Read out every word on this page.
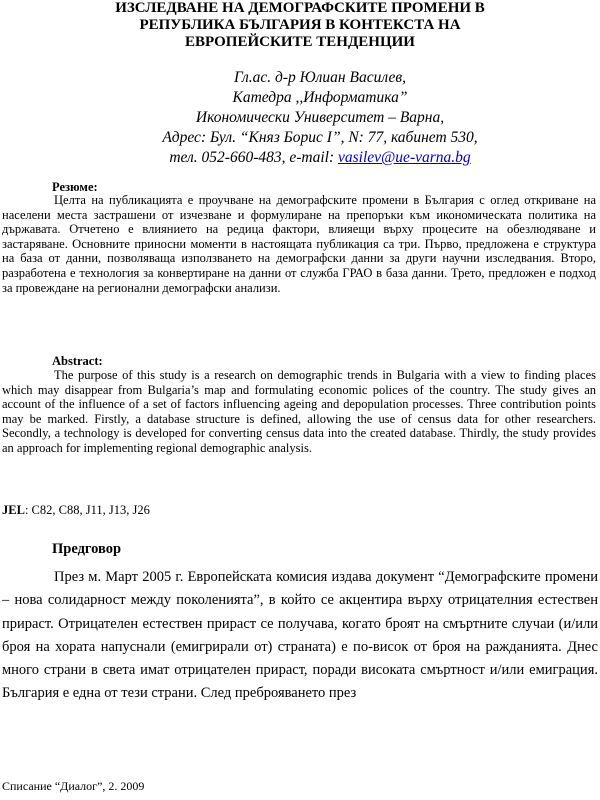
ИЗСЛЕДВАНЕ НА ДЕМОГРАФСКИТЕ ПРОМЕНИ В
РЕПУБЛИКА БЪЛГАРИЯ В КОНТЕКСТА НА
ЕВРОПЕЙСКИТЕ ТЕНДЕНЦИИ
Гл.ас. д-р Юлиан Василев,
Катедра ,,Информатика”
Икономически Университет – Варна,
Адрес: Бул. “Княз Борис I”, N: 77, кабинет 530,
тел. 052-660-483, e-mail: vasilev@ue-varna.bg
Резюме:

Целта на публикацията е проучване на демографските промени в България с оглед откриване на населени места застрашени от изчезване и формулиране на препоръки към икономическата политика на държавата. Отчетено е влиянието на редица фактори, влияещи върху процесите на обезлюдяване и застаряване. Основните приносни моменти в настоящата публикация са три. Първо, предложена е структура на база от данни, позволяваща използването на демографски данни за други научни изследвания. Второ, разработена е технология за конвертиране на данни от служба ГРАО в база данни. Трето, предложен е подход за провеждане на регионални демографски анализи.

Abstract:

The purpose of this study is a research on demographic trends in Bulgaria with a view to finding places which may disappear from Bulgaria’s map and formulating economic polices of the country. The study gives an account of the influence of a set of factors influencing ageing and depopulation processes. Three contribution points may be marked. Firstly, a database structure is defined, allowing the use of census data for other researchers. Secondly, a technology is developed for converting census data into the created database. Thirdly, the study provides an approach for implementing regional demographic analysis.

JEL: C82, C88, J11, J13, J26
Предговор

През м. Март 2005 г. Европейската комисия издава документ “Демографските промени – нова солидарност между поколенията”, в който се акцентира върху отрицателния естествен прираст. Отрицателен естествен прираст се получава, когато броят на смъртните случаи (и/или броя на хората напуснали (емигрирали от) страната) е по-висок от броя на ражданията. Днес много страни в света имат отрицателен прираст, поради високата смъртност и/или емиграция. България е една от тези страни. След преброяването през

Списание “Диалог”, 2. 2009
